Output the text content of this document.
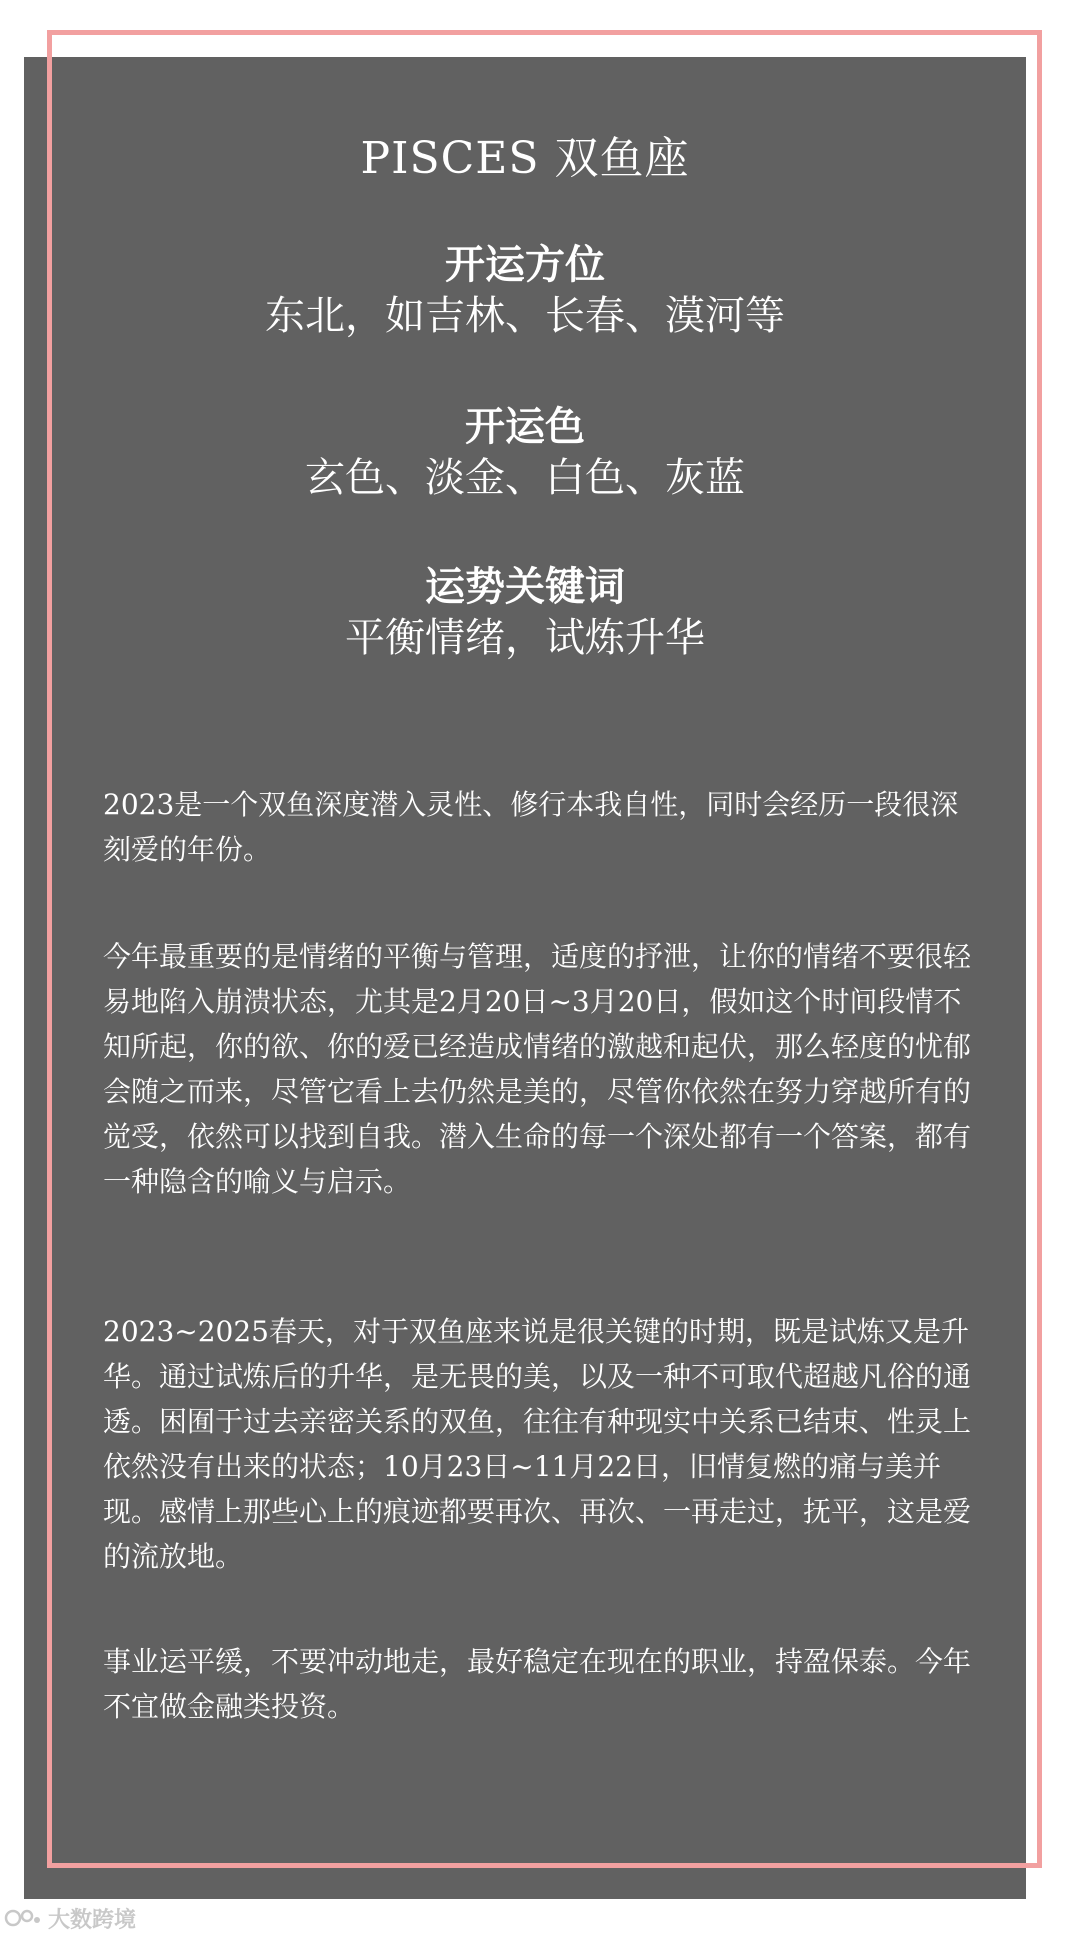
PISCES 双鱼座
开运方位
东北，如吉林、长春、漠河等
开运色
玄色、淡金、白色、灰蓝
运势关键词
平衡情绪，试炼升华

2023是一个双鱼深度潜入灵性、修行本我自性，同时会经历一段很深刻爱的年份。

今年最重要的是情绪的平衡与管理，适度的抒泄，让你的情绪不要很轻易地陷入崩溃状态，尤其是2月20日~3月20日，假如这个时间段情不知所起，你的欲、你的爱已经造成情绪的激越和起伏，那么轻度的忧郁会随之而来，尽管它看上去仍然是美的，尽管你依然在努力穿越所有的觉受，依然可以找到自我。潜入生命的每一个深处都有一个答案，都有一种隐含的喻义与启示。

2023~2025春天，对于双鱼座来说是很关键的时期，既是试炼又是升华。通过试炼后的升华，是无畏的美，以及一种不可取代超越凡俗的通透。困囿于过去亲密关系的双鱼，往往有种现实中关系已结束、性灵上依然没有出来的状态；10月23日~11月22日，旧情复燃的痛与美并现。感情上那些心上的痕迹都要再次、再次、一再走过，抚平，这是爱的流放地。

事业运平缓，不要冲动地走，最好稳定在现在的职业，持盈保泰。今年不宜做金融类投资。

大数跨境
